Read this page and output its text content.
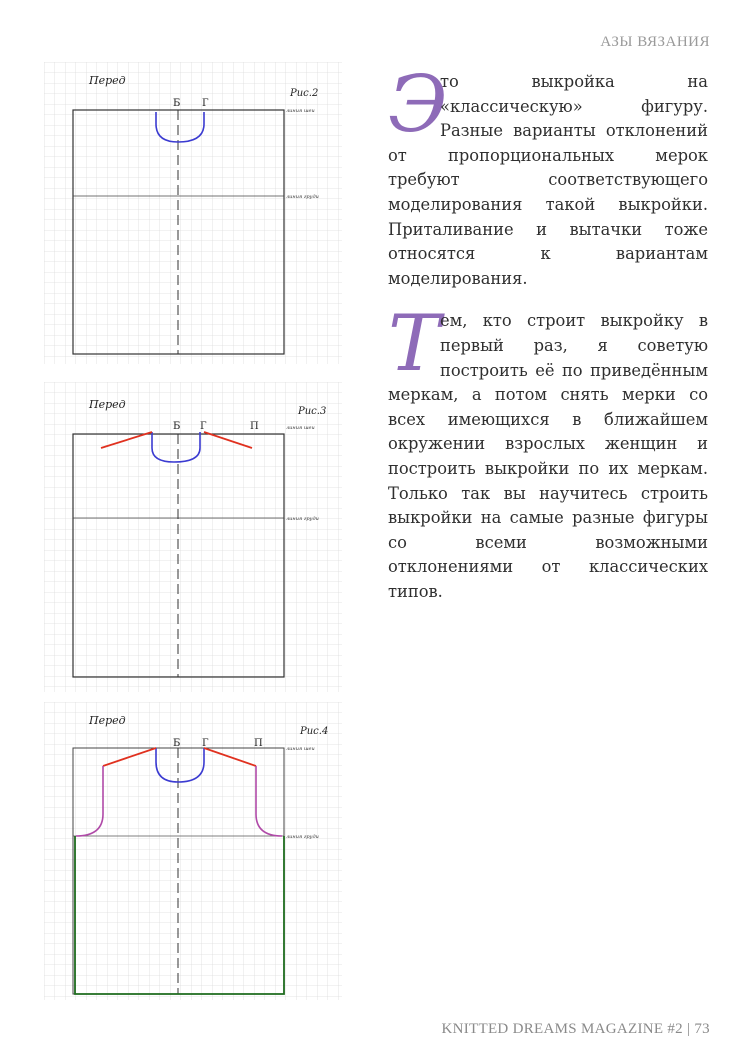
АЗЫ ВЯЗАНИЯ
Перед
Рис.2
Б Г
линия шеи
линия груди
Перед
Рис.3
Б Г	П	линия шеи
линия груди
Перед
Рис.4
Б Г	П	линия шеи
линия груди

Э
то выкройка на «классическую» фигуру. Разные варианты отклонений от пропорциональных мерок требуют соответствующего моделирования такой выкройки. Приталивание и вытачки тоже относятся к вариантам моделирования.

Т ем, кто строит выкройку в первый раз, я советую построить её по приведённым меркам, а потом снять мерки со всех имеющихся в ближайшем окружении взрослых женщин и построить выкройки по их меркам. Только так вы научитесь строить выкройки на самые разные фигуры со всеми возможными отклонениями от классических типов.

KNITTED DREAMS MAGAZINE #2 | 73
